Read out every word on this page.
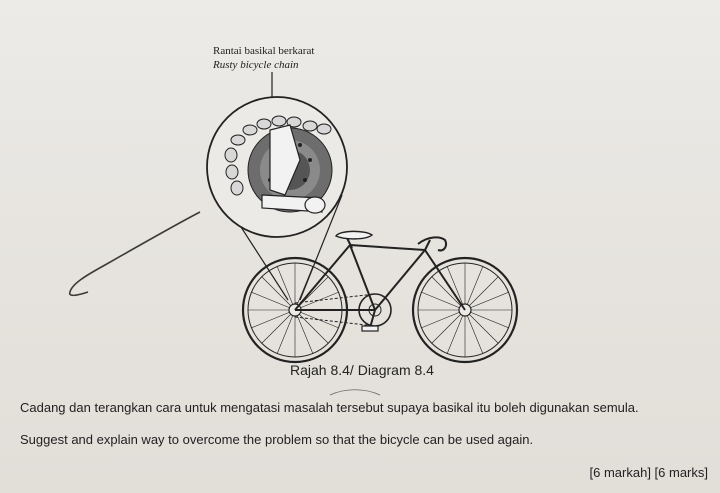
Rantai basikal berkarat
Rusty bicycle chain
Rajah 8.4/ Diagram 8.4
Cadang dan terangkan cara untuk mengatasi masalah tersebut supaya basikal itu boleh digunakan semula.
Suggest and explain way to overcome the problem so that the bicycle can be used again.
[6 markah] [6 marks]
